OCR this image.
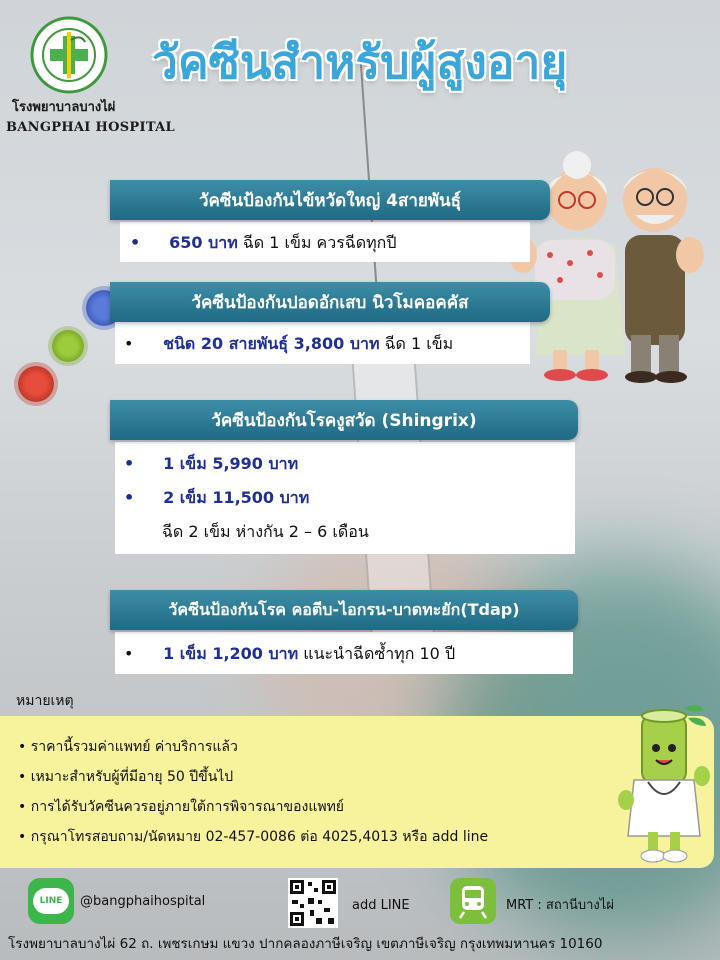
โรงพยาบาลบางไผ่
BANGPHAI HOSPITAL
วัคซีนสำหรับผู้สูงอายุ
วัคซีนป้องกันไข้หวัดใหญ่ 4สายพันธุ์
• 650 บาท ฉีด 1 เข็ม ควรฉีดทุกปี
วัคซีนป้องกันปอดอักเสบ นิวโมคอคคัส
• ชนิด 20 สายพันธุ์ 3,800 บาท ฉีด 1 เข็ม
วัคซีนป้องกันโรคงูสวัด (Shingrix)
• 1 เข็ม 5,990 บาท
• 2 เข็ม 11,500 บาท
ฉีด 2 เข็ม ห่างกัน 2 – 6 เดือน
วัคซีนป้องกันโรค คอตีบ-ไอกรน-บาดทะยัก(Tdap)
• 1 เข็ม 1,200 บาท แนะนำฉีดซ้ำทุก 10 ปี
หมายเหตุ
• ราคานี้รวมค่าแพทย์ ค่าบริการแล้ว
• เหมาะสำหรับผู้ที่มีอายุ 50 ปีขึ้นไป
• การได้รับวัคซีนควรอยู่ภายใต้การพิจารณาของแพทย์
• กรุณาโทรสอบถาม/นัดหมาย 02-457-0086 ต่อ 4025,4013 หรือ add line
LINE	@bangphaihospital	add LINE	MRT : สถานีบางไผ่
โรงพยาบาลบางไผ่ 62 ถ. เพชรเกษม แขวง ปากคลองภาษีเจริญ เขตภาษีเจริญ กรุงเทพมหานคร 10160
